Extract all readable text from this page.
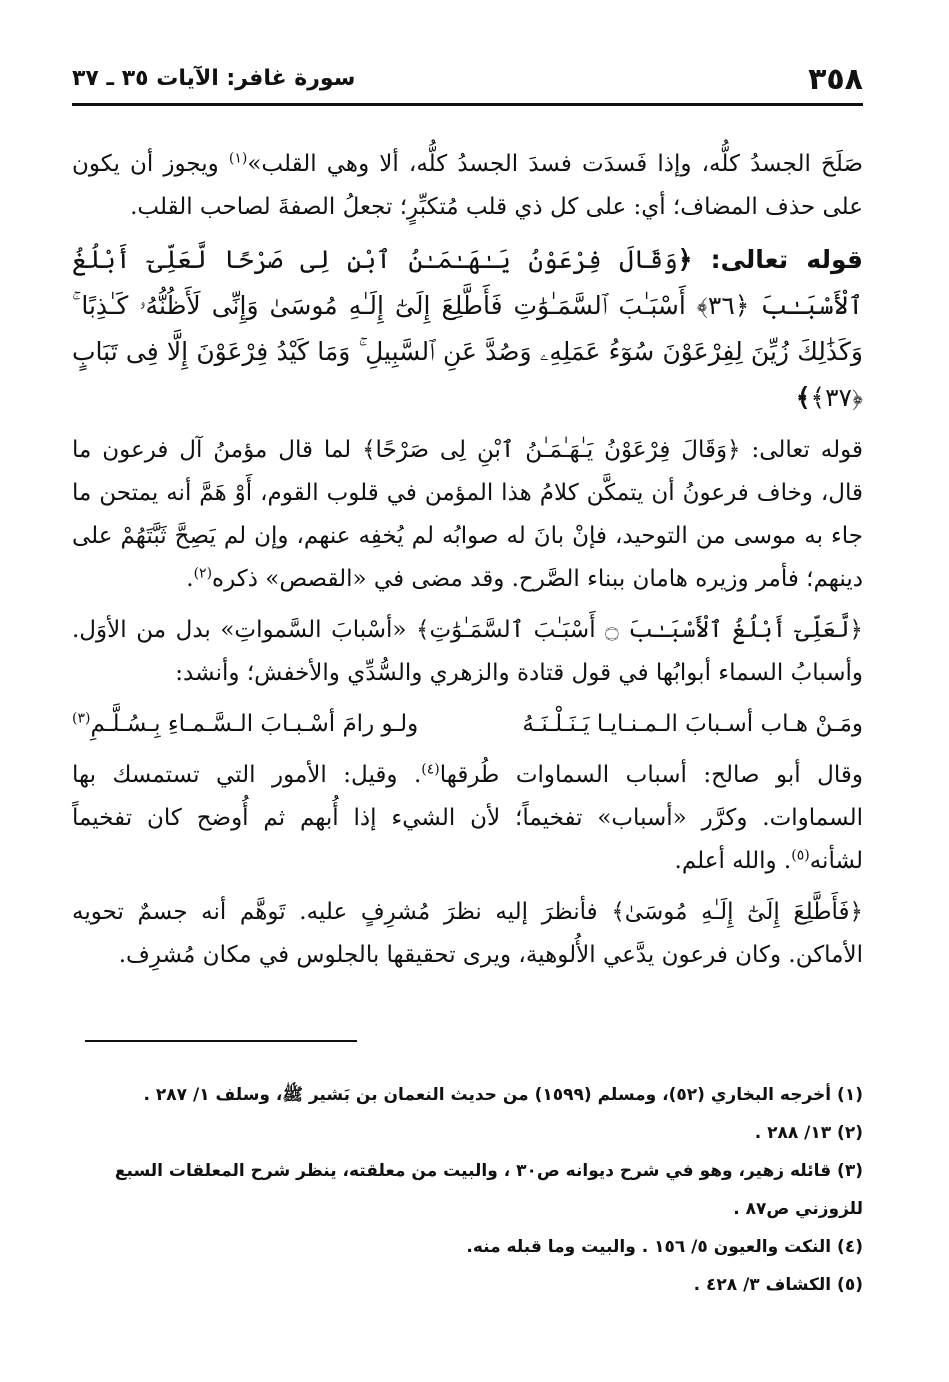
٣٥٨
سورة غافر: الآيات ٣٥ ـ ٣٧

صَلَحَ الجسدُ كلُّه، وإذا فَسدَت فسدَ الجسدُ كلُّه، ألا وهي القلب»$^{(١)}$ ويجوز أن يكون على حذف المضاف؛ أي: على كل ذي قلب مُتكبِّرٍ؛ تجعلُ الصفةَ لصاحب القلب.

قوله تعالى: ﴿وَقَالَ فِرْعَوْنُ يَـٰهَـٰمَـٰنُ ٱبْنِ لِى صَرْحًا لَّعَلِّىٓ أَبْلُغُ ٱلْأَسْبَـٰبَ ﴿٣٦﴾ أَسْبَـٰبَ ٱلسَّمَـٰوَٰتِ فَأَطَّلِعَ إِلَىٰٓ إِلَـٰهِ مُوسَىٰ وَإِنِّى لَأَظُنُّهُۥ كَـٰذِبًا ۚ وَكَذَٰلِكَ زُيِّنَ لِفِرْعَوْنَ سُوٓءُ عَمَلِهِۦ وَصُدَّ عَنِ ٱلسَّبِيلِ ۚ وَمَا كَيْدُ فِرْعَوْنَ إِلَّا فِى تَبَابٍ ﴿٣٧﴾﴾

قوله تعالى: ﴿وَقَالَ فِرْعَوْنُ يَـٰهَـٰمَـٰنُ ٱبْنِ لِى صَرْحًا﴾ لما قال مؤمنُ آل فرعون ما قال، وخاف فرعونُ أن يتمكَّن كلامُ هذا المؤمن في قلوب القوم، أَوْ هَمَّ أنه يمتحن ما جاء به موسى من التوحيد، فإنْ بانَ له صوابُه لم يُخفِه عنهم، وإن لم يَصِحَّ ثَبَّتَهُمْ على دينهم؛ فأمر وزيره هامان ببناء الصَّرح. وقد مضى في «القصص» ذكره$^{(٢)}$.

﴿لَّعَلِّىٓ أَبْلُغُ ٱلْأَسْبَـٰبَ ۝ أَسْبَـٰبَ ٱلسَّمَـٰوَٰتِ﴾ «أسْبابَ السَّمواتِ» بدل من الأوَل. وأسبابُ السماء أبوابُها في قول قتادة والزهري والسُّدِّي والأخفش؛ وأنشد:

ومَـنْ هـاب أسـبابَ الـمـنـايـا يَـنَـلْـنَـهُ
ولـو رامَ أسْـبـابَ الـسَّـمـاءِ بِـسُـلَّـمِ$^{(٣)}$

وقال أبو صالح: أسباب السماوات طُرقها$^{(٤)}$. وقيل: الأمور التي تستمسك بها السماوات. وكرَّر «أسباب» تفخيماً؛ لأن الشيء إذا أُبهم ثم أُوضح كان تفخيماً لشأنه$^{(٥)}$. والله أعلم.

﴿فَأَطَّلِعَ إِلَىٰٓ إِلَـٰهِ مُوسَىٰ﴾ فأنظرَ إليه نظرَ مُشرِفٍ عليه. تَوهَّم أنه جسمٌ تحويه الأماكن. وكان فرعون يدَّعي الأُلوهية، ويرى تحقيقها بالجلوس في مكان مُشرِف.

(١) أخرجه البخاري (٥٢)، ومسلم (١٥٩٩) من حديث النعمان بن بَشير ﷺ، وسلف ١/ ٢٨٧ .
(٢) ١٣/ ٢٨٨ .
(٣) قائله زهير، وهو في شرح ديوانه ص٣٠ ، والبيت من معلقته، ينظر شرح المعلقات السبع للزوزني ص٨٧ .
(٤) النكت والعيون ٥/ ١٥٦ . والبيت وما قبله منه.
(٥) الكشاف ٣/ ٤٢٨ .
